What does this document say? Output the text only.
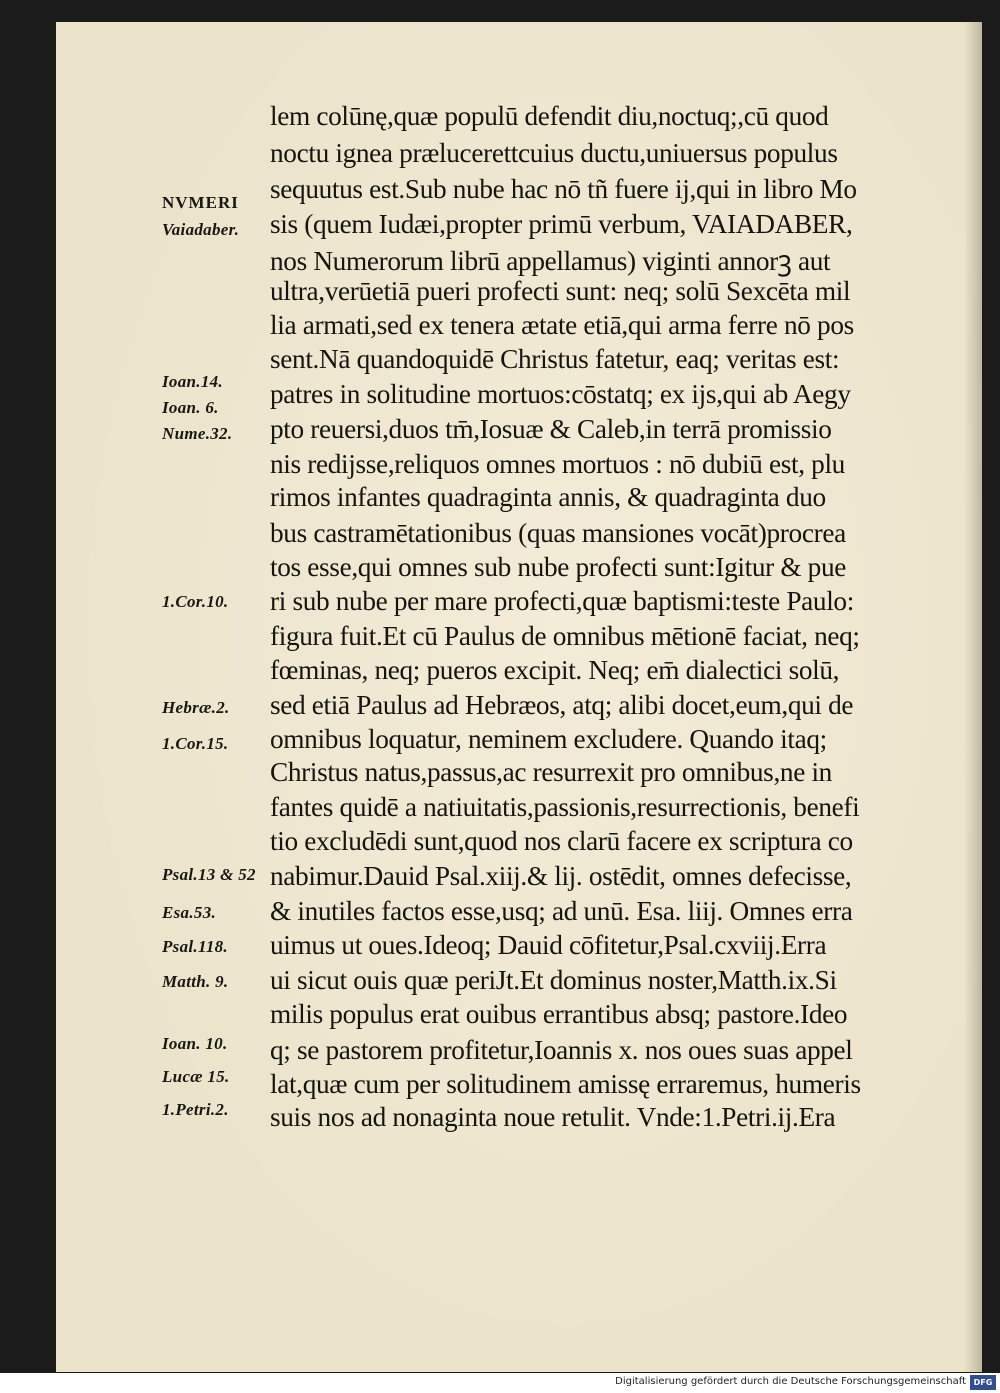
lem colūnę,quæ populū defendit diu,noctuq;,cū quod
noctu ignea prælucerettcuius ductu,uniuersus populus
sequutus est.Sub nube hac nō tñ fuere ij,qui in libro Mo
sis (quem Iudæi,propter primū verbum, VAIADABER,
nos Numerorum librū appellamus) viginti annorꝫ aut
ultra,verūetiā pueri profecti sunt: neq; solū Sexcēta mil
lia armati,sed ex tenera ætate etiā,qui arma ferre nō pos
sent.Nā quandoquidē Christus fatetur, eaq; veritas est:
patres in solitudine mortuos:cōstatq; ex ijs,qui ab Aegy
pto reuersi,duos tm̄,Iosuæ & Caleb,in terrā promissio
nis redijsse,reliquos omnes mortuos : nō dubiū est, plu
rimos infantes quadraginta annis, & quadraginta duo
bus castramētationibus (quas mansiones vocāt)procrea
tos esse,qui omnes sub nube profecti sunt:Igitur & pue
ri sub nube per mare profecti,quæ baptismi:teste Paulo:
figura fuit.Et cū Paulus de omnibus mētionē faciat, neq;
fœminas, neq; pueros excipit. Neq; em̄ dialectici solū,
sed etiā Paulus ad Hebræos, atq; alibi docet,eum,qui de
omnibus loquatur, neminem excludere. Quando itaq;
Christus natus,passus,ac resurrexit pro omnibus,ne in
fantes quidē a natiuitatis,passionis,resurrectionis, benefi
tio excludēdi sunt,quod nos clarū facere ex scriptura co
nabimur.Dauid Psal.xiij.& lij. ostēdit, omnes defecisse,
& inutiles factos esse,usq; ad unū. Esa. liij. Omnes erra
uimus ut oues.Ideoq; Dauid cōfitetur,Psal.cxviij.Erra
ui sicut ouis quæ periJt.Et dominus noster,Matth.ix.Si
milis populus erat ouibus errantibus absq; pastore.Ideo
q; se pastorem profitetur,Ioannis x. nos oues suas appel
lat,quæ cum per solitudinem amissę erraremus, humeris
suis nos ad nonaginta noue retulit. Vnde:1.Petri.ij.Era
NVMERI
Vaiadaber.
Ioan.14.
Ioan. 6.
Nume.32.
1.Cor.10.
Hebræ.2.
1.Cor.15.
Psal.13 & 52
Esa.53.
Psal.118.
Matth. 9.
Ioan. 10.
Lucæ 15.
1.Petri.2.
Digitalisierung gefördert durch die Deutsche Forschungsgemeinschaft DFG
